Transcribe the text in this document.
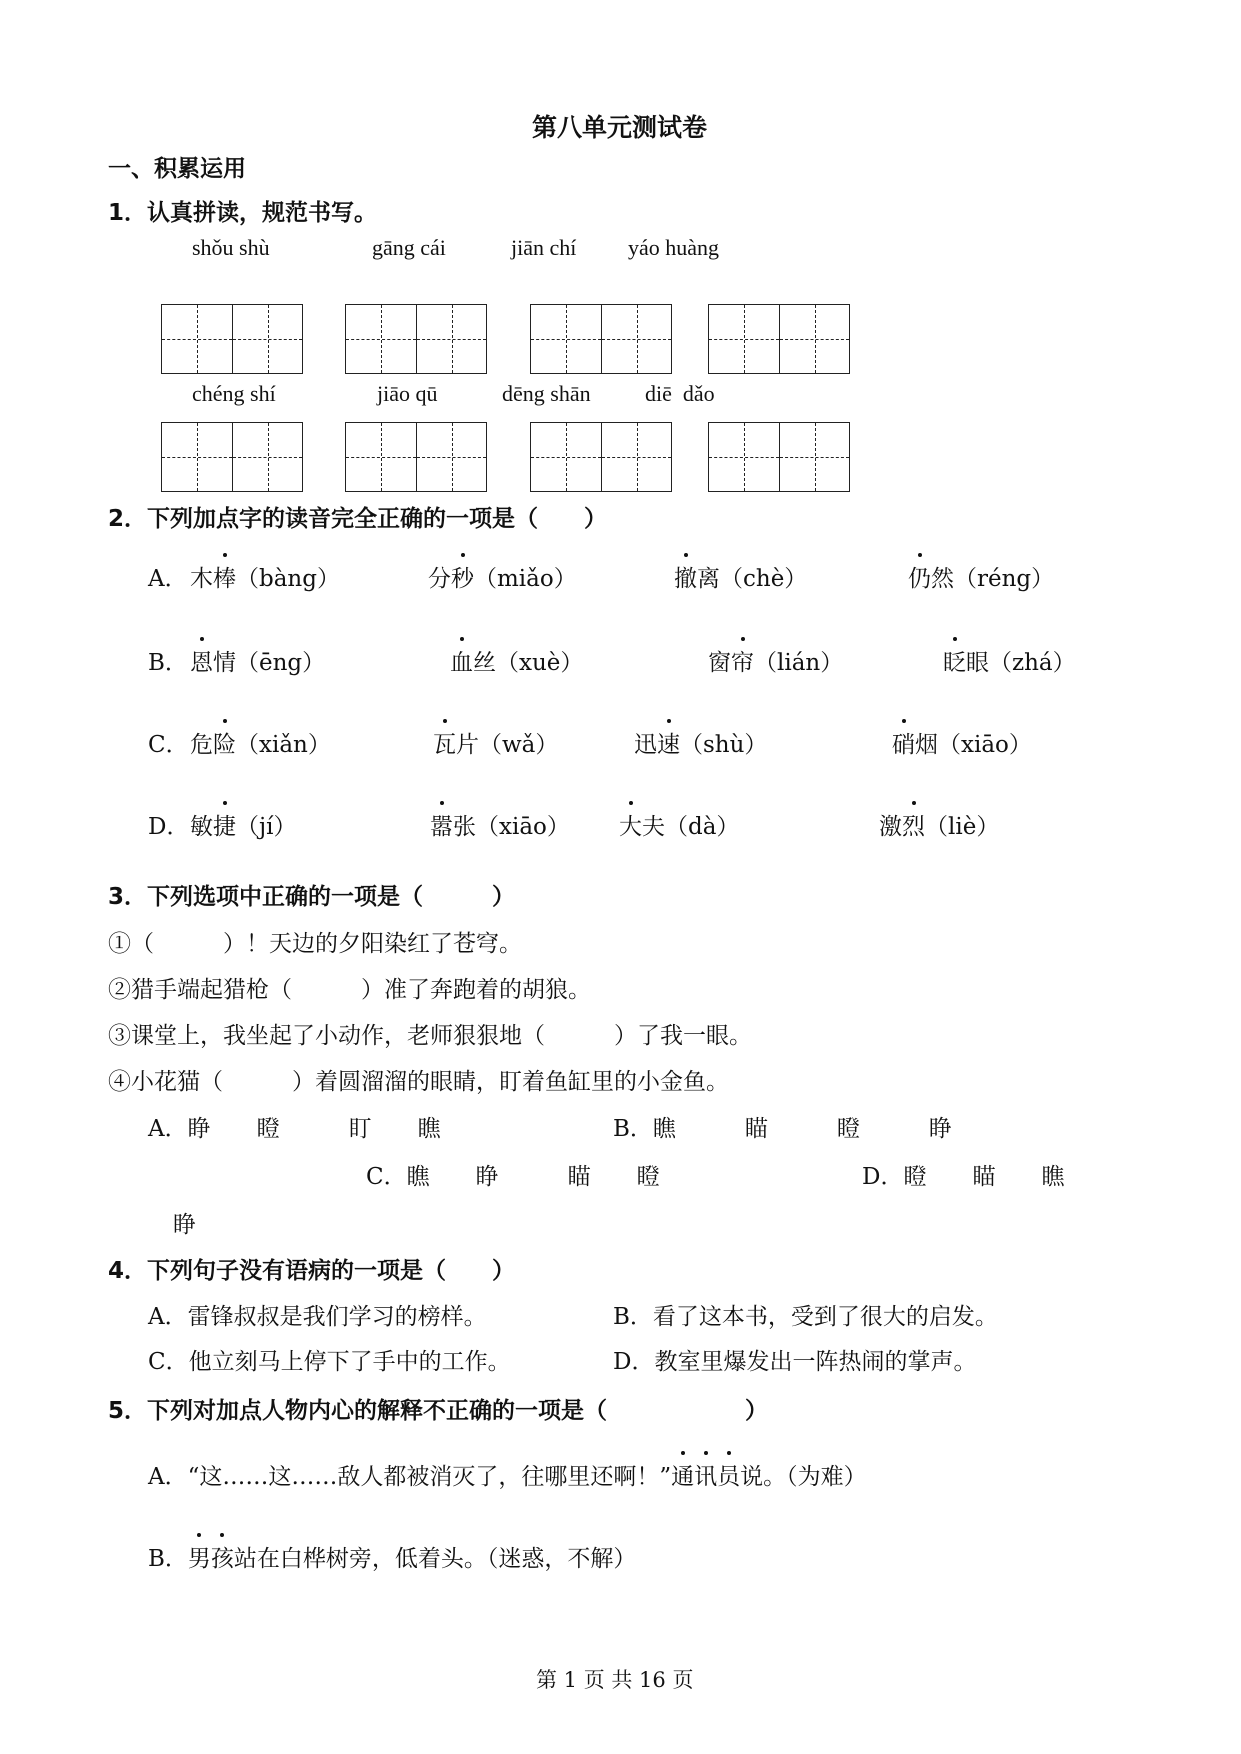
第八单元测试卷
一、积累运用
1．认真拼读，规范书写。
shǒu shù	gāng cái	jiān chí yáo huàng
chéng shí	jiāo qū	dēng shān diē  dǎo
2．下列加点字的读音完全正确的一项是（　　）
A． 木棒（bàng）	分秒（miǎo）	撤离（chè）	仍然（réng）
B． 恩情（ēng）	血丝（xuè）	窗帘（lián）	眨眼（zhá）
C． 危险（xiǎn）	瓦片（wǎ）	迅速（shù）	硝烟（xiāo）
D． 敏捷（jí）	嚣张（xiāo） 大夫（dà）	激烈（liè）
3．下列选项中正确的一项是（　　　）
①（　　　）！天边的夕阳染红了苍穹。
②猎手端起猎枪（　　　）准了奔跑着的胡狼。
③课堂上，我坐起了小动作，老师狠狠地（　　　）了我一眼。
④小花猫（　　　）着圆溜溜的眼睛，盯着鱼缸里的小金鱼。
A．睁　　瞪　　　盯　　瞧	B．瞧　　　瞄　　　瞪　　　睁
C．瞧　　睁　　　瞄　　瞪	D．瞪　　瞄　　瞧
睁
4．下列句子没有语病的一项是（　　）
A．雷锋叔叔是我们学习的榜样。	B．看了这本书，受到了很大的启发。
C．他立刻马上停下了手中的工作。	D．教室里爆发出一阵热闹的掌声。
5．下列对加点人物内心的解释不正确的一项是（　　　　　　）
A．“这……这……敌人都被消灭了，往哪里还啊！”通讯员说。（为难）
B．男孩站在白桦树旁，低着头。（迷惑，不解）
第 1 页 共 16 页
